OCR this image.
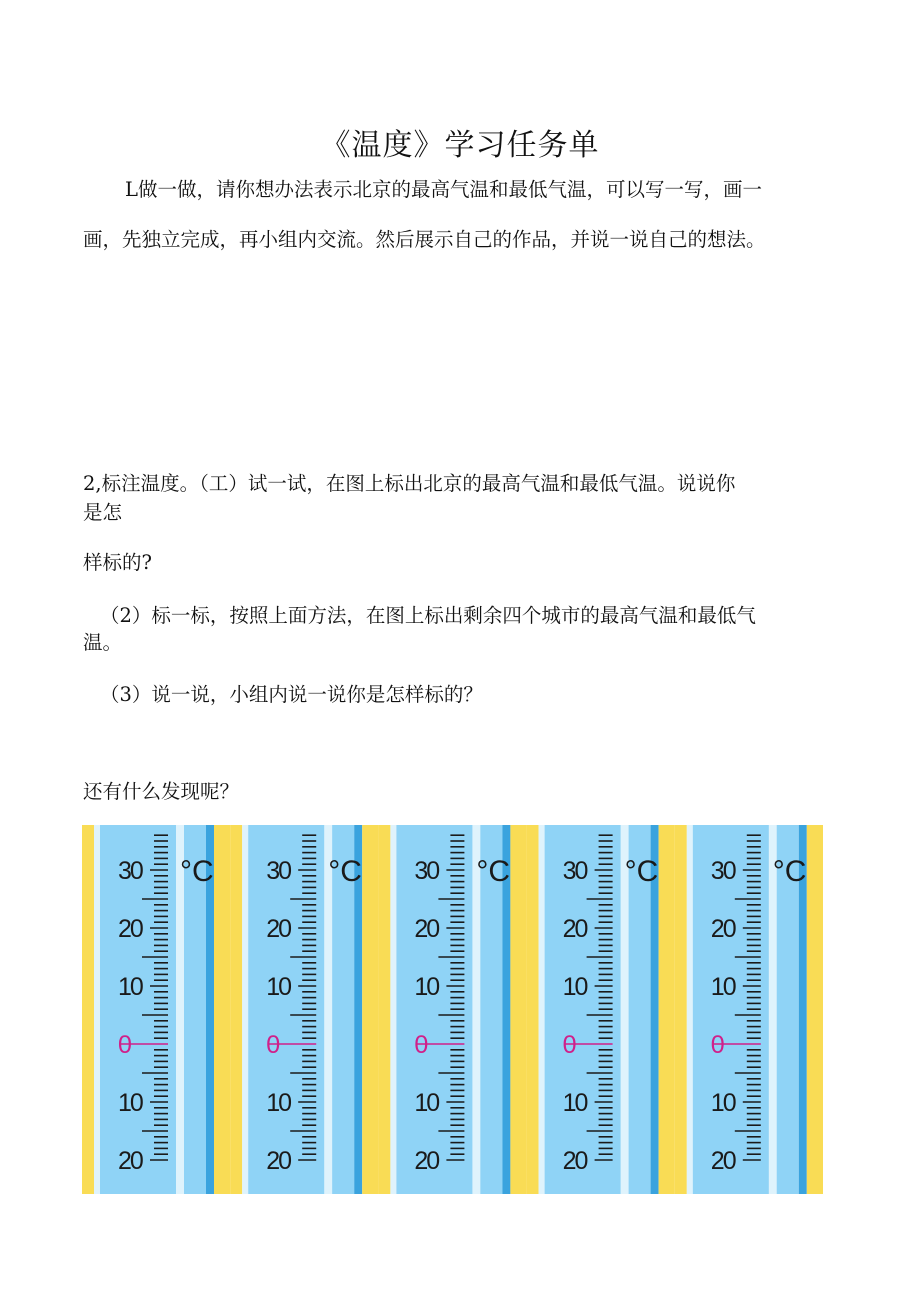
《温度》学习任务单
L做一做，请你想办法表示北京的最高气温和最低气温，可以写一写，画一
画，先独立完成，再小组内交流。然后展示自己的作品，并说一说自己的想法。
2,标注温度。（工）试一试，在图上标出北京的最高气温和最低气温。说说你
是怎
样标的?
（2）标一标，按照上面方法，在图上标出剩余四个城市的最高气温和最低气
温。
（3）说一说，小组内说一说你是怎样标的？
还有什么发现呢？
30
20
10
0
10
20
°C 30
20
10
0
10
20
°C 30
20
10
0
10
20
°C 30
20
10
0
10
20
°C 30
20
10
0
10
20
°C
